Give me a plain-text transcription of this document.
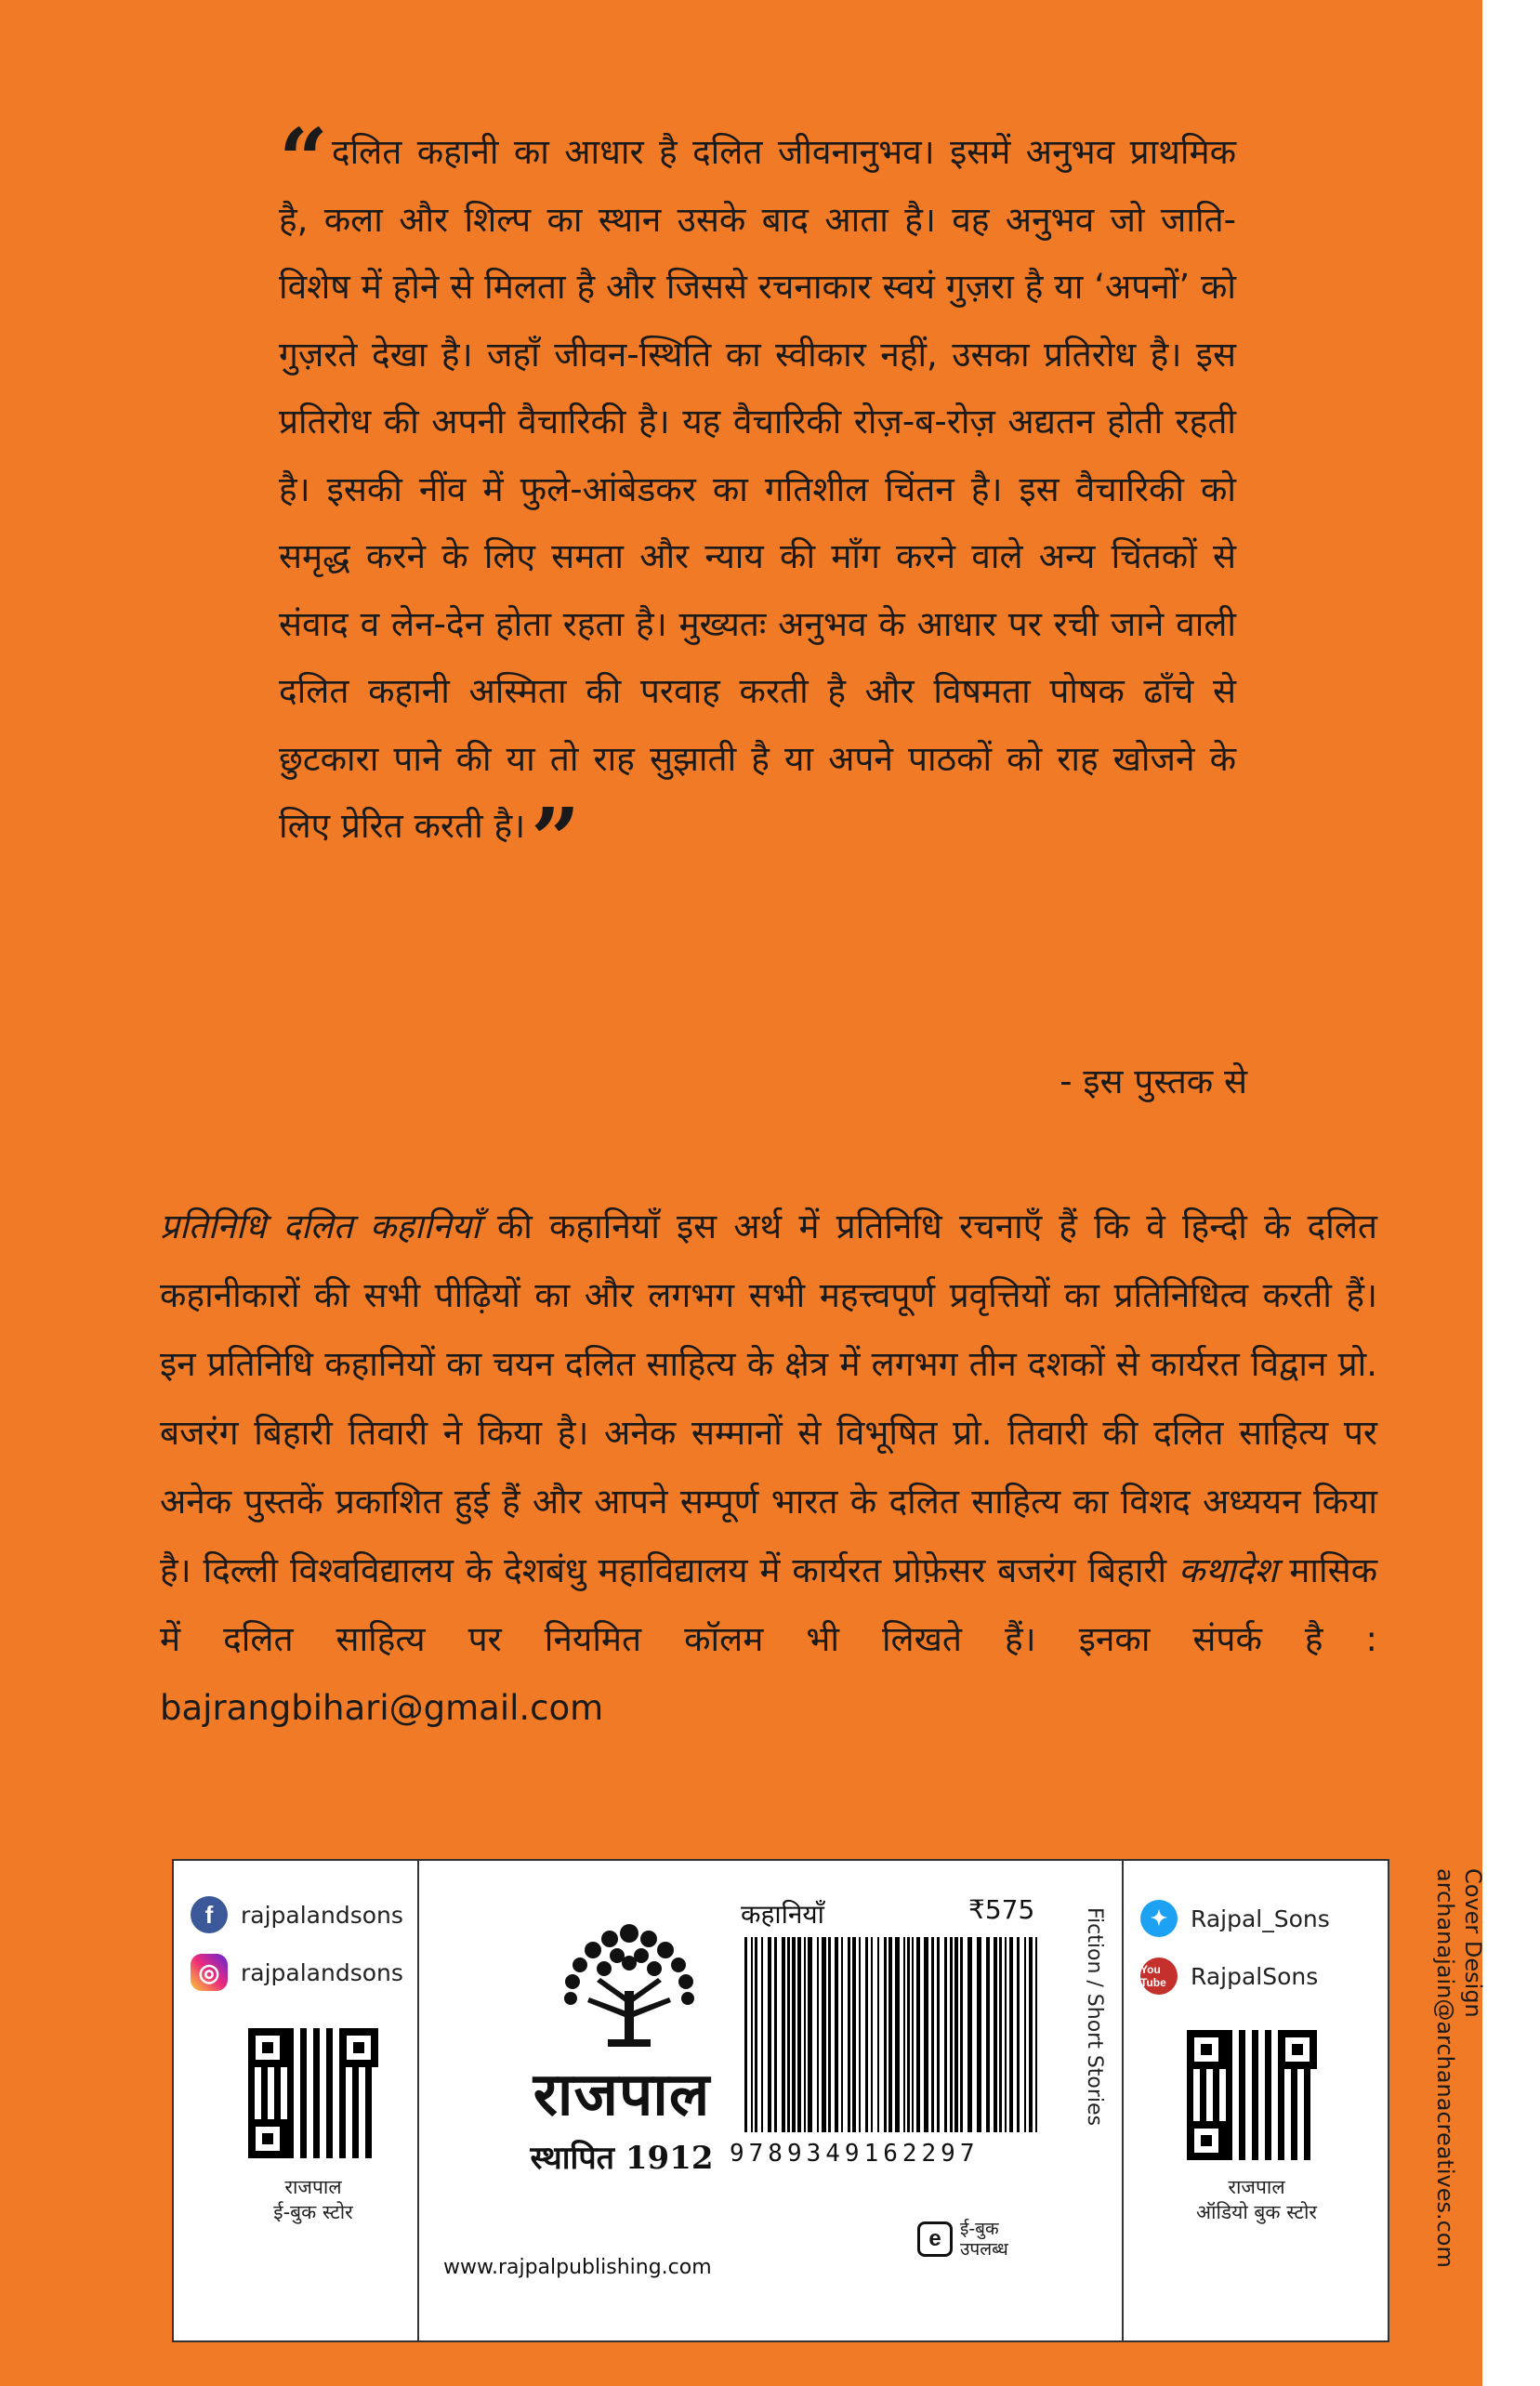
“ दलित कहानी का आधार है दलित जीवनानुभव। इसमें अनुभव प्राथमिक है, कला और शिल्प का स्थान उसके बाद आता है। वह अनुभव जो जाति-विशेष में होने से मिलता है और जिससे रचनाकार स्वयं गुज़रा है या ‘अपनों’ को गुज़रते देखा है। जहाँ जीवन-स्थिति का स्वीकार नहीं, उसका प्रतिरोध है। इस प्रतिरोध की अपनी वैचारिकी है। यह वैचारिकी रोज़-ब-रोज़ अद्यतन होती रहती है। इसकी नींव में फुले-आंबेडकर का गतिशील चिंतन है। इस वैचारिकी को समृद्ध करने के लिए समता और न्याय की माँग करने वाले अन्य चिंतकों से संवाद व लेन-देन होता रहता है। मुख्यतः अनुभव के आधार पर रची जाने वाली दलित कहानी अस्मिता की परवाह करती है और विषमता पोषक ढाँचे से छुटकारा पाने की या तो राह सुझाती है या अपने पाठकों को राह खोजने के लिए प्रेरित करती है।”

- इस पुस्तक से

प्रतिनिधि दलित कहानियाँ की कहानियाँ इस अर्थ में प्रतिनिधि रचनाएँ हैं कि वे हिन्दी के दलित कहानीकारों की सभी पीढ़ियों का और लगभग सभी महत्त्वपूर्ण प्रवृत्तियों का प्रतिनिधित्व करती हैं। इन प्रतिनिधि कहानियों का चयन दलित साहित्य के क्षेत्र में लगभग तीन दशकों से कार्यरत विद्वान प्रो. बजरंग बिहारी तिवारी ने किया है। अनेक सम्मानों से विभूषित प्रो. तिवारी की दलित साहित्य पर अनेक पुस्तकें प्रकाशित हुई हैं और आपने सम्पूर्ण भारत के दलित साहित्य का विशद अध्ययन किया है। दिल्ली विश्वविद्यालय के देशबंधु महाविद्यालय में कार्यरत प्रोफ़ेसर बजरंग बिहारी कथादेश मासिक में दलित साहित्य पर नियमित कॉलम भी लिखते हैं। इनका संपर्क है : bajrangbihari@gmail.com

Cover Design
archanajain@archanacreatives.com
f	rajpalandsons
◎ rajpalandsons
राजपाल
ई-बुक स्टोर
राजपाल
स्थापित 1912
www.rajpalpublishing.com
कहानियाँ	₹575
9789349162297
Fiction / Short Stories
e	ई-बुक
उपलब्ध
✦ Rajpal_Sons
You Tube	RajpalSons
राजपाल
ऑडियो बुक स्टोर
